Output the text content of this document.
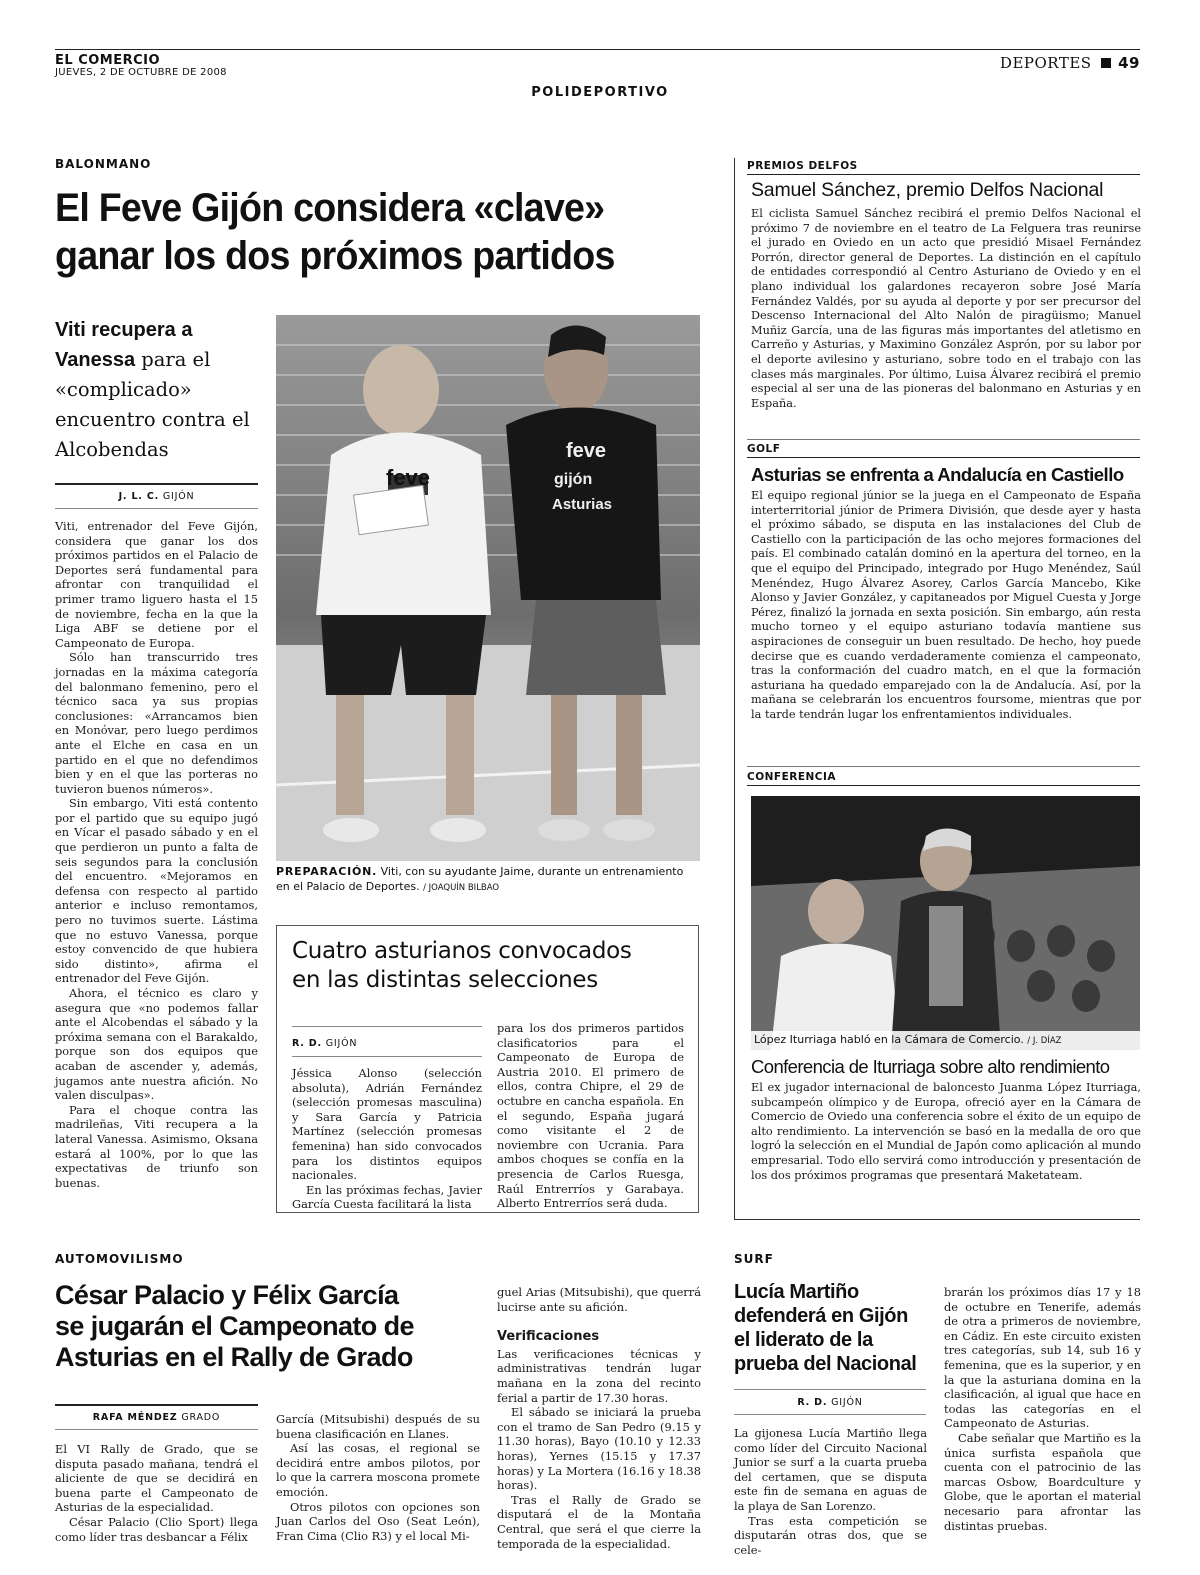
EL COMERCIO
JUEVES, 2 DE OCTUBRE DE 2008
DEPORTES 49
POLIDEPORTIVO
BALONMANO
El Feve Gijón considera «clave»
ganar los dos próximos partidos
Viti recupera a Vanessa para el «complicado» encuentro contra el Alcobendas
J. L. C. GIJÓN

Viti, entrenador del Feve Gijón, considera que ganar los dos próximos partidos en el Palacio de Deportes será fundamental para afrontar con tranquilidad el primer tramo liguero hasta el 15 de noviembre, fecha en la que la Liga ABF se detiene por el Campeonato de Europa.

Sólo han transcurrido tres jornadas en la máxima categoría del balonmano femenino, pero el técnico saca ya sus propias conclusiones: «Arrancamos bien en Monóvar, pero luego perdimos ante el Elche en casa en un partido en el que no defendimos bien y en el que las porteras no tuvieron buenos números».

Sin embargo, Viti está contento por el partido que su equipo jugó en Vícar el pasado sábado y en el que perdieron un punto a falta de seis segundos para la conclusión del encuentro. «Mejoramos en defensa con respecto al partido anterior e incluso remontamos, pero no tuvimos suerte. Lástima que no estuvo Vanessa, porque estoy convencido de que hubiera sido distinto», afirma el entrenador del Feve Gijón.

Ahora, el técnico es claro y asegura que «no podemos fallar ante el Alcobendas el sábado y la próxima semana con el Barakaldo, porque son dos equipos que acaban de ascender y, además, jugamos ante nuestra afición. No valen disculpas».

Para el choque contra las madrileñas, Viti recupera a la lateral Vanessa. Asimismo, Oksana estará al 100%, por lo que las expectativas de triunfo son buenas.

feve
feve
gijón
Asturias
PREPARACIÓN. Viti, con su ayudante Jaime, durante un entrenamiento en el Palacio de Deportes. / JOAQUÍN BILBAO
Cuatro asturianos convocados
en las distintas selecciones
R. D. GIJÓN

Jéssica Alonso (selección absoluta), Adrián Fernández (selección promesas masculina) y Sara García y Patricia Martínez (selección promesas femenina) han sido convocados para los distintos equipos nacionales.

En las próximas fechas, Javier García Cuesta facilitará la lista

para los dos primeros partidos clasificatorios para el Campeonato de Europa de Austria 2010. El primero de ellos, contra Chipre, el 29 de octubre en cancha española. En el segundo, España jugará como visitante el 2 de noviembre con Ucrania. Para ambos choques se confía en la presencia de Carlos Ruesga, Raúl Entrerríos y Garabaya. Alberto Entrerríos será duda.

PREMIOS DELFOS
Samuel Sánchez, premio Delfos Nacional

El ciclista Samuel Sánchez recibirá el premio Delfos Nacional el próximo 7 de noviembre en el teatro de La Felguera tras reunirse el jurado en Oviedo en un acto que presidió Misael Fernández Porrón, director general de Deportes. La distinción en el capítulo de entidades correspondió al Centro Asturiano de Oviedo y en el plano individual los galardones recayeron sobre José María Fernández Valdés, por su ayuda al deporte y por ser precursor del Descenso Internacional del Alto Nalón de piragüismo; Manuel Muñiz García, una de las figuras más importantes del atletismo en Carreño y Asturias, y Maximino González Asprón, por su labor por el deporte avilesino y asturiano, sobre todo en el trabajo con las clases más marginales. Por último, Luisa Álvarez recibirá el premio especial al ser una de las pioneras del balonmano en Asturias y en España.

GOLF
Asturias se enfrenta a Andalucía en Castiello

El equipo regional júnior se la juega en el Campeonato de España interterritorial júnior de Primera División, que desde ayer y hasta el próximo sábado, se disputa en las instalaciones del Club de Castiello con la participación de las ocho mejores formaciones del país. El combinado catalán dominó en la apertura del torneo, en la que el equipo del Principado, integrado por Hugo Menéndez, Saúl Menéndez, Hugo Álvarez Asorey, Carlos García Mancebo, Kike Alonso y Javier González, y capitaneados por Miguel Cuesta y Jorge Pérez, finalizó la jornada en sexta posición. Sin embargo, aún resta mucho torneo y el equipo asturiano todavía mantiene sus aspiraciones de conseguir un buen resultado. De hecho, hoy puede decirse que es cuando verdaderamente comienza el campeonato, tras la conformación del cuadro match, en el que la formación asturiana ha quedado emparejado con la de Andalucía. Así, por la mañana se celebrarán los encuentros foursome, mientras que por la tarde tendrán lugar los enfrentamientos individuales.

CONFERENCIA
López Iturriaga habló en la Cámara de Comercio. / J. DÍAZ
Conferencia de Iturriaga sobre alto rendimiento

El ex jugador internacional de baloncesto Juanma López Iturriaga, subcampeón olímpico y de Europa, ofreció ayer en la Cámara de Comercio de Oviedo una conferencia sobre el éxito de un equipo de alto rendimiento. La intervención se basó en la medalla de oro que logró la selección en el Mundial de Japón como aplicación al mundo empresarial. Todo ello servirá como introducción y presentación de los dos próximos programas que presentará Maketateam.

AUTOMOVILISMO
César Palacio y Félix García
se jugarán el Campeonato de
Asturias en el Rally de Grado
RAFA MÉNDEZ GRADO

El VI Rally de Grado, que se disputa pasado mañana, tendrá el aliciente de que se decidirá en buena parte el Campeonato de Asturias de la especialidad.

César Palacio (Clio Sport) llega como líder tras desbancar a Félix

García (Mitsubishi) después de su buena clasificación en Llanes.

Así las cosas, el regional se decidirá entre ambos pilotos, por lo que la carrera moscona promete emoción.

Otros pilotos con opciones son Juan Carlos del Oso (Seat León), Fran Cima (Clio R3) y el local Mi-

guel Arias (Mitsubishi), que querrá lucirse ante su afición.

Verificaciones

Las verificaciones técnicas y administrativas tendrán lugar mañana en la zona del recinto ferial a partir de 17.30 horas.

El sábado se iniciará la prueba con el tramo de San Pedro (9.15 y 11.30 horas), Bayo (10.10 y 12.33 horas), Yernes (15.15 y 17.37 horas) y La Mortera (16.16 y 18.38 horas).

Tras el Rally de Grado se disputará el de la Montaña Central, que será el que cierre la temporada de la especialidad.

SURF
Lucía Martiño
defenderá en Gijón
el liderato de la
prueba del Nacional
R. D. GIJÓN

La gijonesa Lucía Martiño llega como líder del Circuito Nacional Junior se surf a la cuarta prueba del certamen, que se disputa este fin de semana en aguas de la playa de San Lorenzo.

Tras esta competición se disputarán otras dos, que se cele-

brarán los próximos días 17 y 18 de octubre en Tenerife, además de otra a primeros de noviembre, en Cádiz. En este circuito existen tres categorías, sub 14, sub 16 y femenina, que es la superior, y en la que la asturiana domina en la clasificación, al igual que hace en todas las categorías en el Campeonato de Asturias.

Cabe señalar que Martiño es la única surfista española que cuenta con el patrocinio de las marcas Osbow, Boardculture y Globe, que le aportan el material necesario para afrontar las distintas pruebas.
